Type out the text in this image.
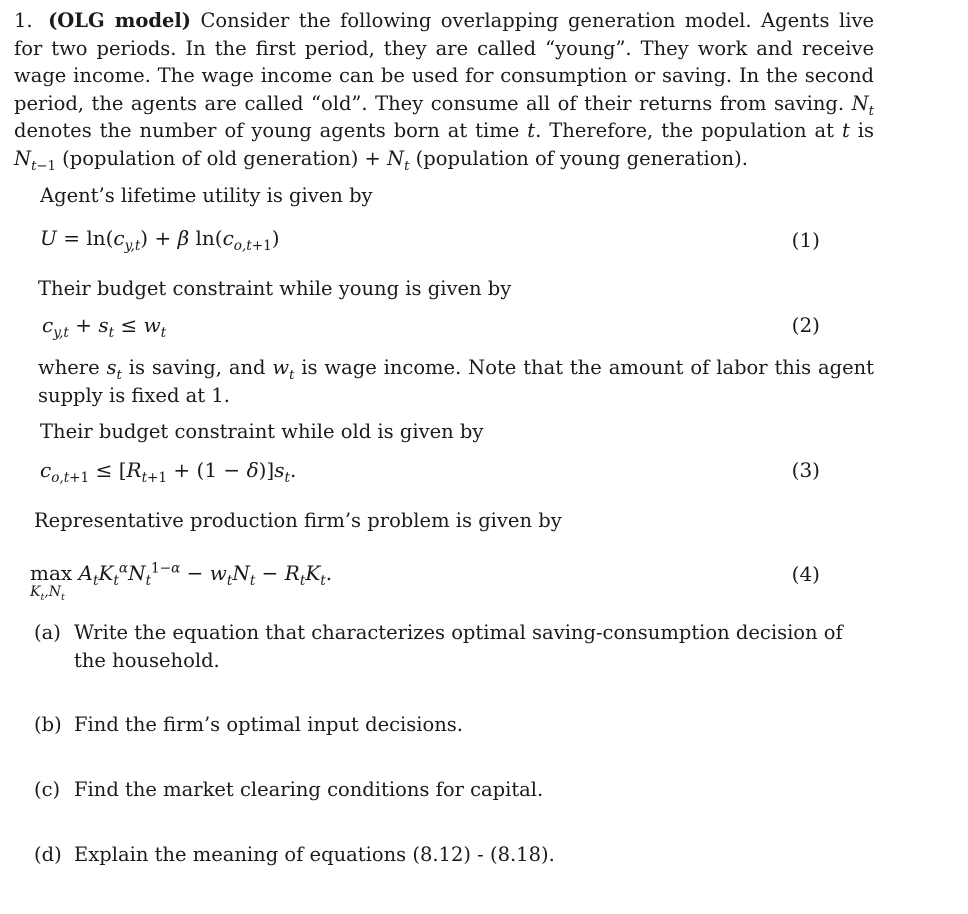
1. (OLG model) Consider the following overlapping generation model. Agents live for two periods. In the first period, they are called “young”. They work and receive wage income. The wage income can be used for consumption or saving. In the second period, the agents are called “old”. They consume all of their returns from saving. $N_t$ denotes the number of young agents born at time t. Therefore, the population at t is $N_{t-1}$ (population of old generation) + $N_t$ (population of young generation).

Agent’s lifetime utility is given by

$U = \ln(c_{y,t}) + \beta$ $\ln(c_{o,t+1})$	(1)

Their budget constraint while young is given by

$c_{y,t} + s_t \le w_t$	(2)

where $s_t$ is saving, and $w_t$ is wage income. Note that the amount of labor this agent supply is fixed at 1.

Their budget constraint while old is given by

$c_{o,t+1} \le [R_{t+1} + (1 - \delta)]s_t$.	(3)

Representative production firm’s problem is given by

$\max A_tK_t^\alpha N_t^{1-\alpha} - w_tN_t - R_tK_t$.
$K_t,N_t$
(4)
(a) Write the equation that characterizes optimal saving-consumption decision of the household.
(b) Find the firm’s optimal input decisions.
(c) Find the market clearing conditions for capital.
(d) Explain the meaning of equations (8.12) - (8.18).
